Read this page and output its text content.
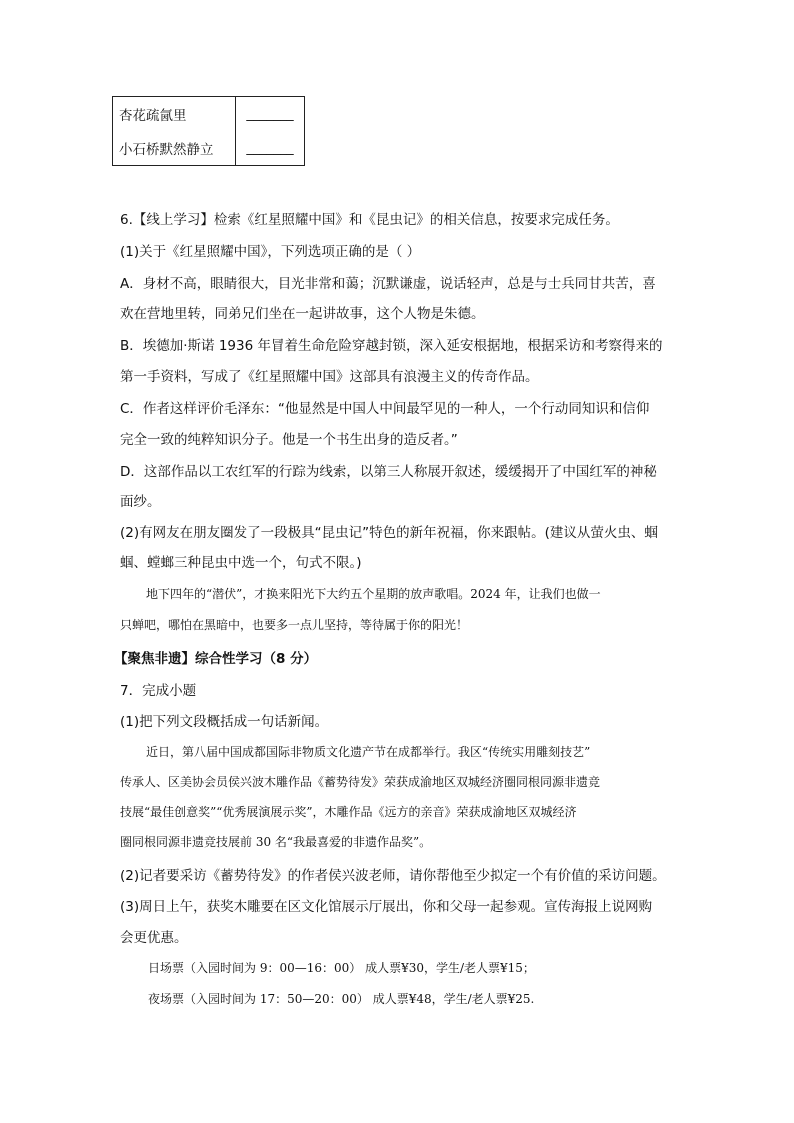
杏花疏氤里	_______
小石桥默然静立	_______
6.【线上学习】检索《红星照耀中国》和《昆虫记》的相关信息，按要求完成任务。
(1)关于《红星照耀中国》，下列选项正确的是（ ）
A．身材不高，眼睛很大，目光非常和蔼；沉默谦虚，说话轻声，总是与士兵同甘共苦，喜
欢在营地里转，同弟兄们坐在一起讲故事，这个人物是朱德。
B．埃德加·斯诺 1936 年冒着生命危险穿越封锁，深入延安根据地，根据采访和考察得来的
第一手资料，写成了《红星照耀中国》这部具有浪漫主义的传奇作品。
C．作者这样评价毛泽东：“他显然是中国人中间最罕见的一种人，一个行动同知识和信仰
完全一致的纯粹知识分子。他是一个书生出身的造反者。”
D．这部作品以工农红军的行踪为线索，以第三人称展开叙述，缓缓揭开了中国红军的神秘
面纱。
(2)有网友在朋友圈发了一段极具“昆虫记”特色的新年祝福，你来跟帖。(建议从萤火虫、蝈
蝈、螳螂三种昆虫中选一个，句式不限。)
地下四年的“潜伏”，才换来阳光下大约五个星期的放声歌唱。2024 年，让我们也做一
只蝉吧，哪怕在黑暗中，也要多一点儿坚持，等待属于你的阳光！
【聚焦非遗】综合性学习（8 分）
7．完成小题
(1)把下列文段概括成一句话新闻。
近日，第八届中国成都国际非物质文化遗产节在成都举行。我区“传统实用雕刻技艺”
传承人、区美协会员侯兴波木雕作品《蓄势待发》荣获成渝地区双城经济圈同根同源非遗竞
技展“最佳创意奖”“优秀展演展示奖”，木雕作品《远方的亲音》荣获成渝地区双城经济
圈同根同源非遗竞技展前 30 名“我最喜爱的非遗作品奖”。
(2)记者要采访《蓄势待发》的作者侯兴波老师，请你帮他至少拟定一个有价值的采访问题。
(3)周日上午，获奖木雕要在区文化馆展示厅展出，你和父母一起参观。宣传海报上说网购
会更优惠。
日场票（入园时间为 9：00—16：00） 成人票¥30，学生/老人票¥15；
夜场票（入园时间为 17：50—20：00） 成人票¥48，学生/老人票¥25.
